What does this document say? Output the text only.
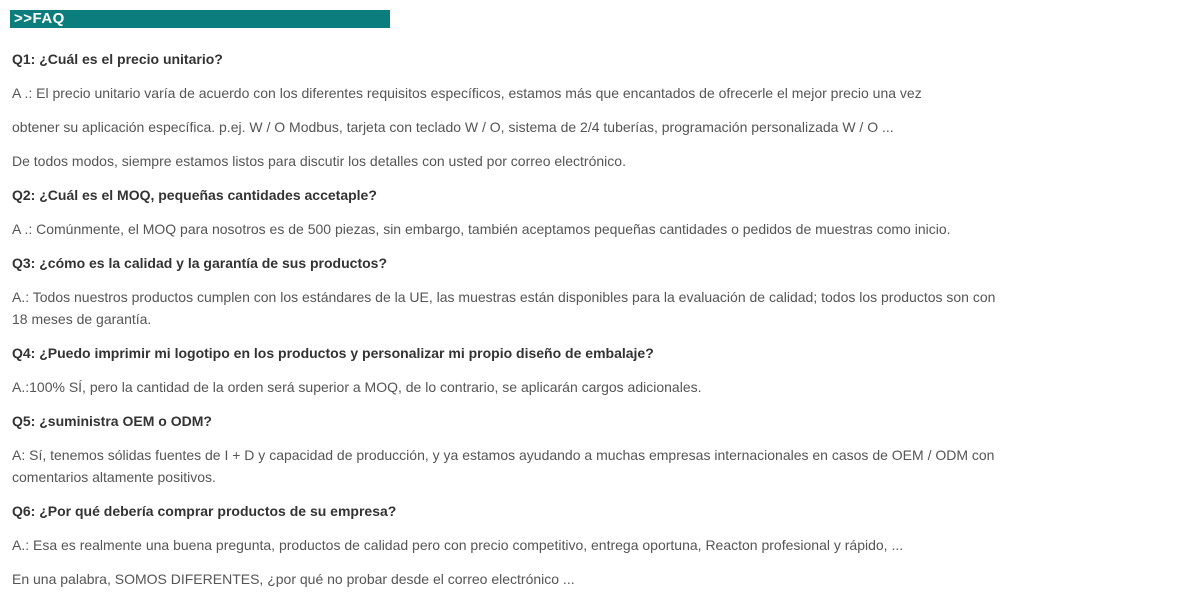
>>FAQ
Q1: ¿Cuál es el precio unitario?

A .: El precio unitario varía de acuerdo con los diferentes requisitos específicos, estamos más que encantados de ofrecerle el mejor precio una vez

obtener su aplicación específica. p.ej. W / O Modbus, tarjeta con teclado W / O, sistema de 2/4 tuberías, programación personalizada W / O ...

De todos modos, siempre estamos listos para discutir los detalles con usted por correo electrónico.

Q2: ¿Cuál es el MOQ, pequeñas cantidades accetaple?

A .: Comúnmente, el MOQ para nosotros es de 500 piezas, sin embargo, también aceptamos pequeñas cantidades o pedidos de muestras como inicio.

Q3: ¿cómo es la calidad y la garantía de sus productos?

A.: Todos nuestros productos cumplen con los estándares de la UE, las muestras están disponibles para la evaluación de calidad; todos los productos son con
18 meses de garantía.

Q4: ¿Puedo imprimir mi logotipo en los productos y personalizar mi propio diseño de embalaje?

A.:100% SÍ, pero la cantidad de la orden será superior a MOQ, de lo contrario, se aplicarán cargos adicionales.

Q5: ¿suministra OEM o ODM?

A: Sí, tenemos sólidas fuentes de I + D y capacidad de producción, y ya estamos ayudando a muchas empresas internacionales en casos de OEM / ODM con
comentarios altamente positivos.

Q6: ¿Por qué debería comprar productos de su empresa?

A.: Esa es realmente una buena pregunta, productos de calidad pero con precio competitivo, entrega oportuna, Reacton profesional y rápido, ...

En una palabra, SOMOS DIFERENTES, ¿por qué no probar desde el correo electrónico ...
